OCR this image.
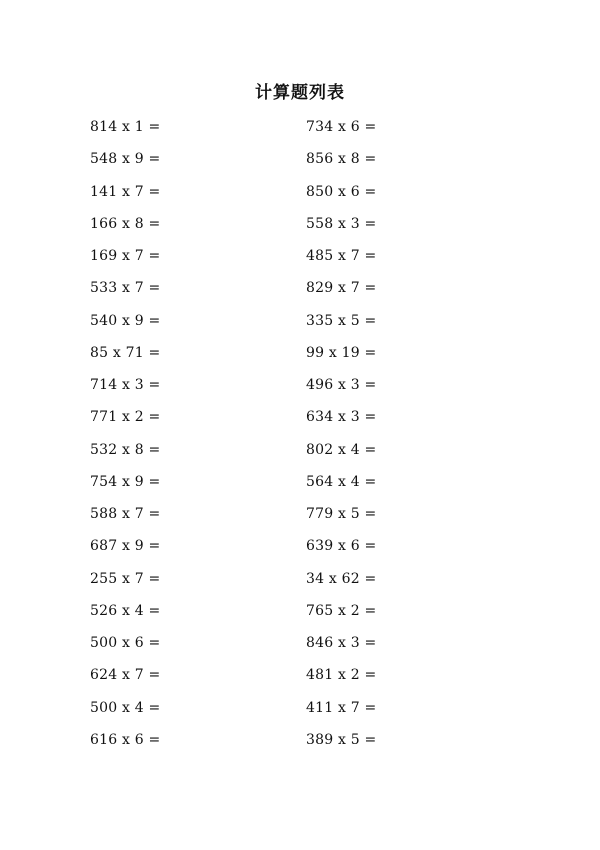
计算题列表
814 x 1 =	734 x 6 =
548 x 9 =	856 x 8 =
141 x 7 =	850 x 6 =
166 x 8 =	558 x 3 =
169 x 7 =	485 x 7 =
533 x 7 =	829 x 7 =
540 x 9 =	335 x 5 =
85 x 71 =	99 x 19 =
714 x 3 =	496 x 3 =
771 x 2 =	634 x 3 =
532 x 8 =	802 x 4 =
754 x 9 =	564 x 4 =
588 x 7 =	779 x 5 =
687 x 9 =	639 x 6 =
255 x 7 =	34 x 62 =
526 x 4 =	765 x 2 =
500 x 6 =	846 x 3 =
624 x 7 =	481 x 2 =
500 x 4 =	411 x 7 =
616 x 6 =	389 x 5 =
